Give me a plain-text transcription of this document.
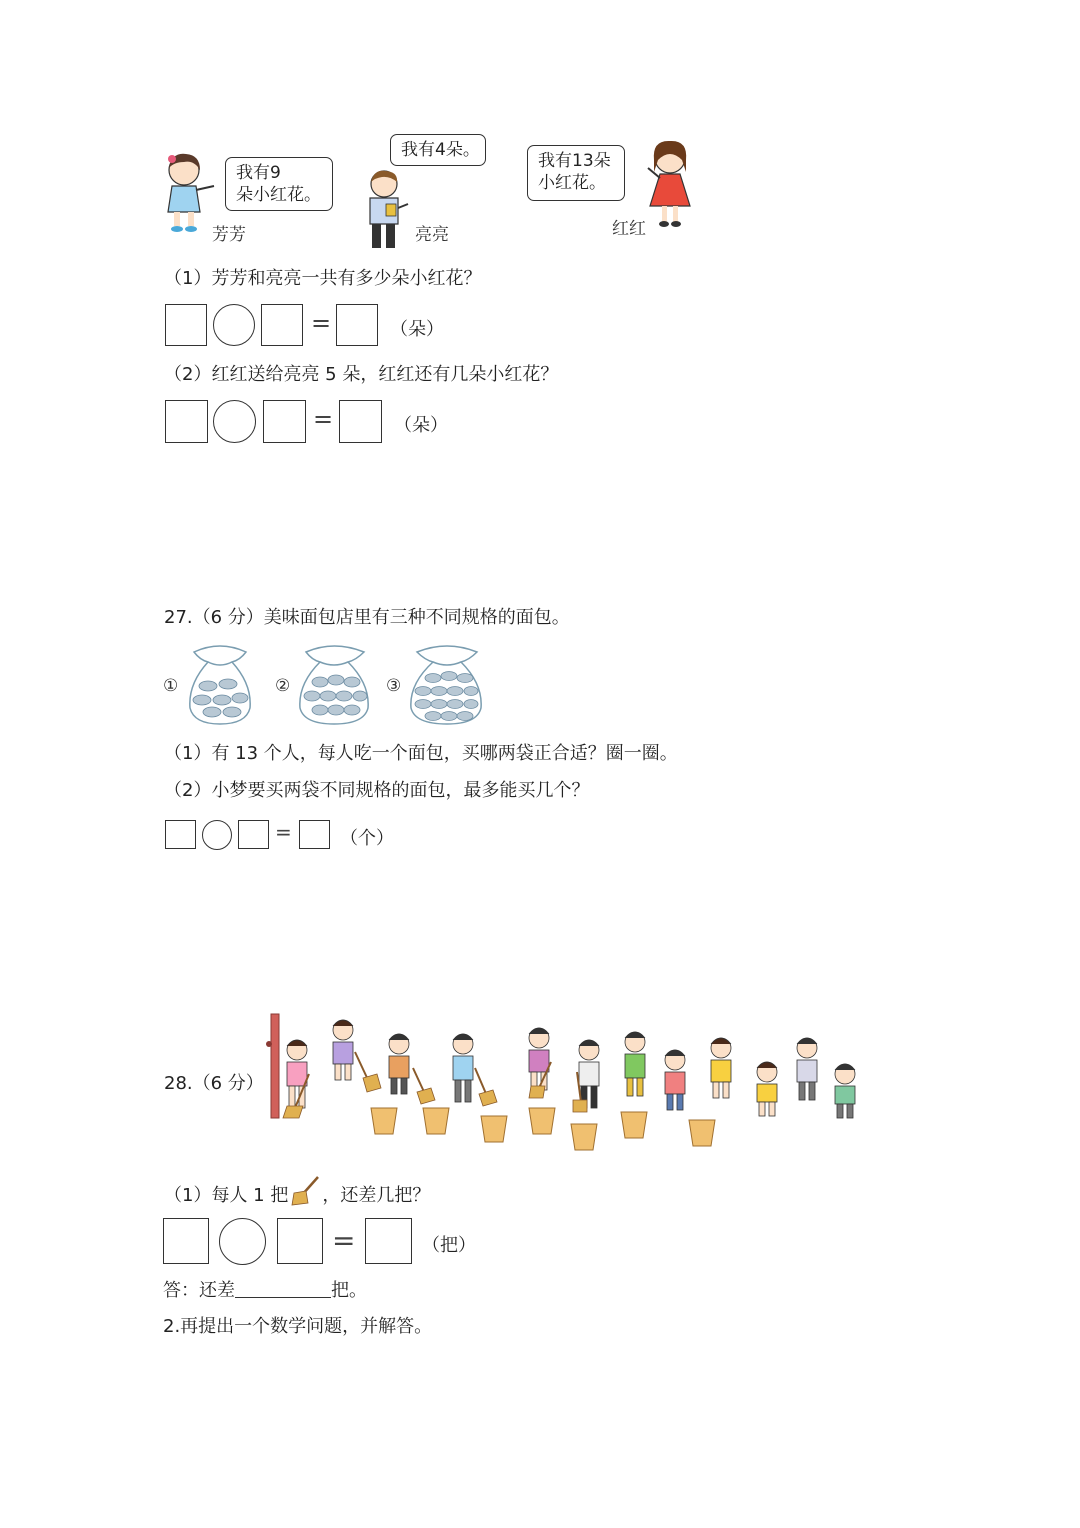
芳芳
我有9
朵小红花。
亮亮
我有4朵。
我有13朵
小红花。
红红
（1）芳芳和亮亮一共有多少朵小红花？
=	（朵）
（2）红红送给亮亮 5 朵，红红还有几朵小红花？
=	（朵）
27.（6 分）美味面包店里有三种不同规格的面包。
①	②	③
（1）有 13 个人，每人吃一个面包，买哪两袋正合适？圈一圈。
（2）小梦要买两袋不同规格的面包，最多能买几个？
=	（个）
28.（6 分）
（1）每人 1 把 ，还差几把？
=	（把）
答：还差	把。
2.再提出一个数学问题，并解答。
